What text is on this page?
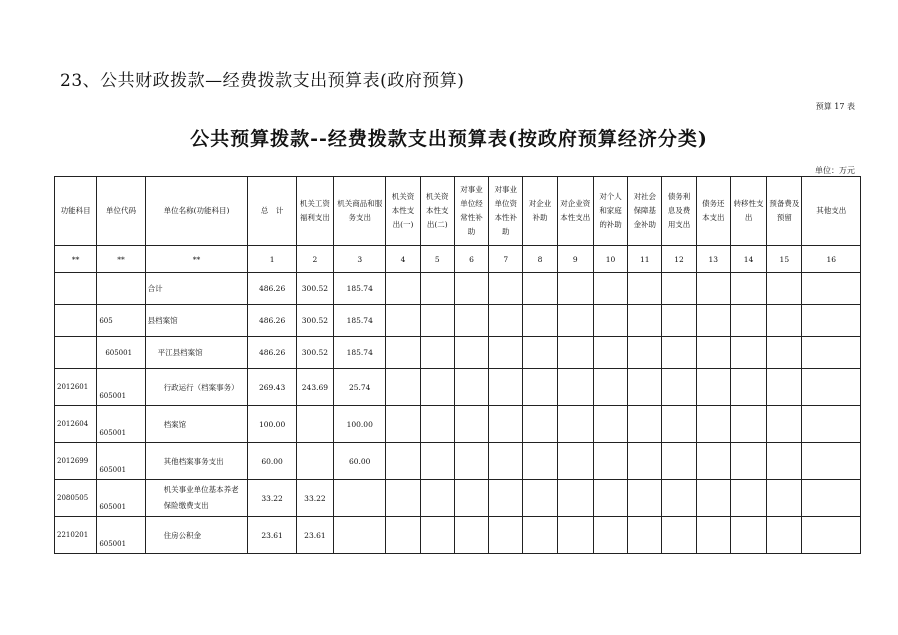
23、公共财政拨款—经费拨款支出预算表(政府预算)
预算 17 表
公共预算拨款--经费拨款支出预算表(按政府预算经济分类)
单位：万元
功能科目	单位代码	单位名称(功能科目)	总　计	机关工资福利支出	机关商品和服务支出	机关资本性支出(一)	机关资本性支出(二)	对事业单位经常性补助	对事业单位资本性补助	对企业补助	对企业资本性支出	对个人和家庭的补助	对社会保障基金补助	债务利息及费用支出	债务还本支出	转移性支出	预备费及预留	其他支出
**	**	**	1	2	3	4	5	6	7	8	9	10	11	12	13	14	15	16
		合计	486.26	300.52	185.74													
	605	县档案馆	486.26	300.52	185.74													
	605001	平江县档案馆	486.26	300.52	185.74													
2012601	605001	行政运行（档案事务）	269.43	243.69	25.74													
2012604	605001	档案馆	100.00		100.00													
2012699	605001	其他档案事务支出	60.00		60.00													
2080505	605001	机关事业单位基本养老保险缴费支出	33.22	33.22														
2210201	605001	住房公积金	23.61	23.61														
